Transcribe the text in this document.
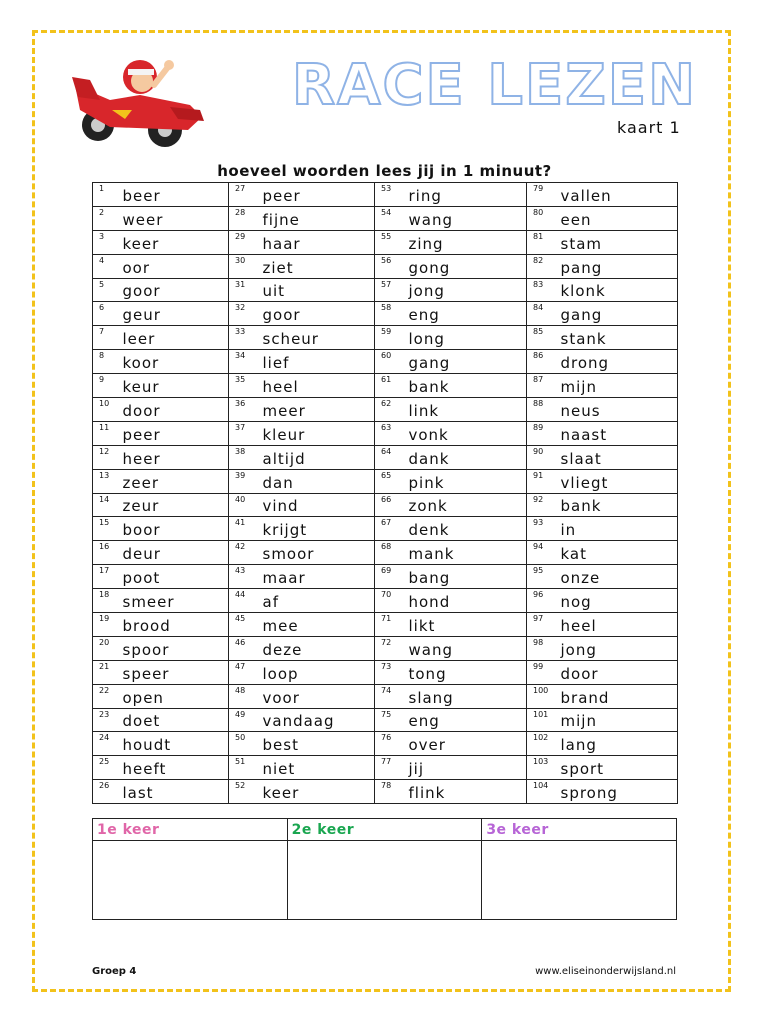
RACE LEZEN
kaart 1
hoeveel woorden lees jij in 1 minuut?
1	beer	27	peer	53	ring	79	vallen
2	weer	28	fijne	54	wang	80	een
3	keer	29	haar	55	zing	81	stam
4	oor	30	ziet	56	gong	82	pang
5	goor	31	uit	57	jong	83	klonk
6	geur	32	goor	58	eng	84	gang
7	leer	33	scheur	59	long	85	stank
8	koor	34	lief	60	gang	86	drong
9	keur	35	heel	61	bank	87	mijn
10	door	36	meer	62	link	88	neus
11	peer	37	kleur	63	vonk	89	naast
12	heer	38	altijd	64	dank	90	slaat
13	zeer	39	dan	65	pink	91	vliegt
14	zeur	40	vind	66	zonk	92	bank
15	boor	41	krijgt	67	denk	93	in
16	deur	42	smoor	68	mank	94	kat
17	poot	43	maar	69	bang	95	onze
18	smeer	44	af	70	hond	96	nog
19	brood	45	mee	71	likt	97	heel
20	spoor	46	deze	72	wang	98	jong
21	speer	47	loop	73	tong	99	door
22	open	48	voor	74	slang	100	brand
23	doet	49	vandaag	75	eng	101	mijn
24	houdt	50	best	76	over	102	lang
25	heeft	51	niet	77	jij	103	sport
26	last	52	keer	78	flink	104	sprong
1e keer	2e keer	3e keer

Groep 4	www.eliseinonderwijsland.nl
